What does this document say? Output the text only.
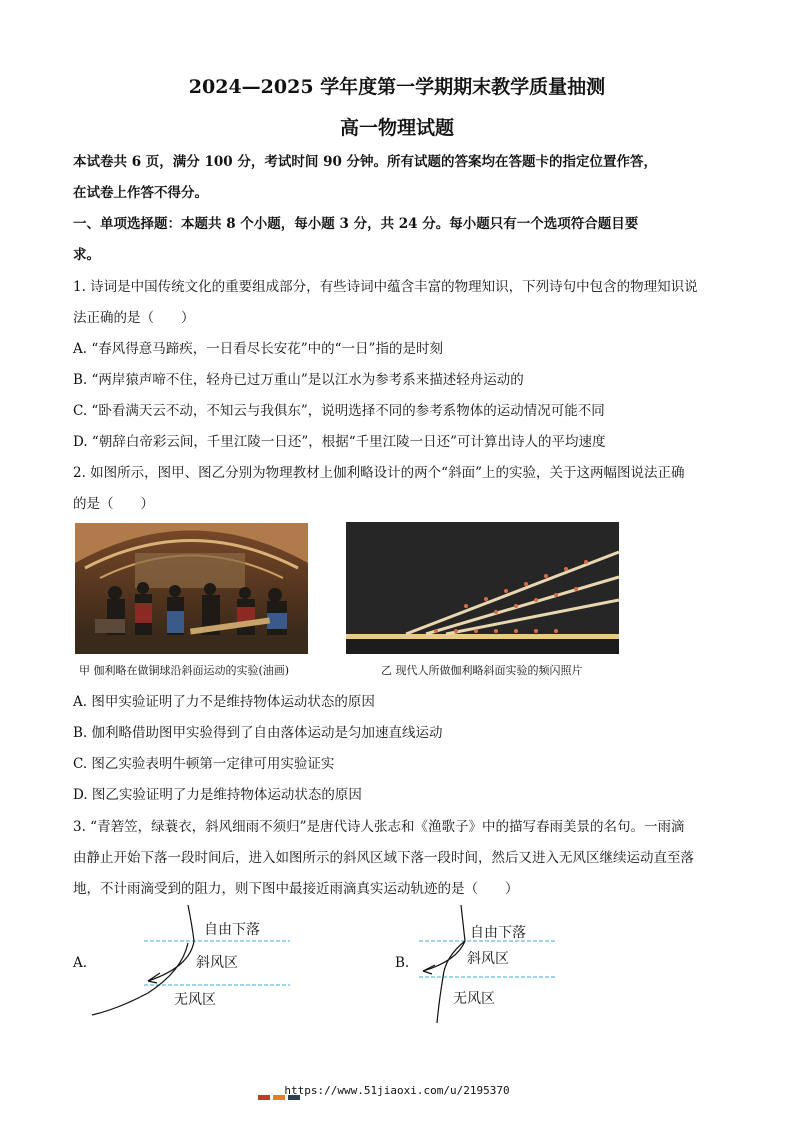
2024—2025 学年度第一学期期末教学质量抽测
高一物理试题
本试卷共 6 页，满分 100 分，考试时间 90 分钟。所有试题的答案均在答题卡的指定位置作答，
在试卷上作答不得分。
一、单项选择题：本题共 8 个小题，每小题 3 分，共 24 分。每小题只有一个选项符合题目要
求。
1. 诗词是中国传统文化的重要组成部分，有些诗词中蕴含丰富的物理知识，下列诗句中包含的物理知识说
法正确的是（　　）
A. “春风得意马蹄疾，一日看尽长安花”中的“一日”指的是时刻
B. “两岸猿声啼不住，轻舟已过万重山”是以江水为参考系来描述轻舟运动的
C. “卧看满天云不动，不知云与我俱东”，说明选择不同的参考系物体的运动情况可能不同
D. “朝辞白帝彩云间，千里江陵一日还”，根据“千里江陵一日还”可计算出诗人的平均速度
2. 如图所示，图甲、图乙分别为物理教材上伽利略设计的两个“斜面”上的实验，关于这两幅图说法正确
的是（　　）
甲 伽利略在做铜球沿斜面运动的实验(油画)	乙 现代人所做伽利略斜面实验的频闪照片
A. 图甲实验证明了力不是维持物体运动状态的原因
B. 伽利略借助图甲实验得到了自由落体运动是匀加速直线运动
C. 图乙实验表明牛顿第一定律可用实验证实
D. 图乙实验证明了力是维持物体运动状态的原因
3. “青箬笠，绿蓑衣，斜风细雨不须归”是唐代诗人张志和《渔歌子》中的描写春雨美景的名句。一雨滴
由静止开始下落一段时间后，进入如图所示的斜风区域下落一段时间，然后又进入无风区继续运动直至落
地，不计雨滴受到的阻力，则下图中最接近雨滴真实运动轨迹的是（　　）
A.
自由下落
斜风区
无风区
B.
自由下落
斜风区
无风区
https://www.51jiaoxi.com/u/2195370
